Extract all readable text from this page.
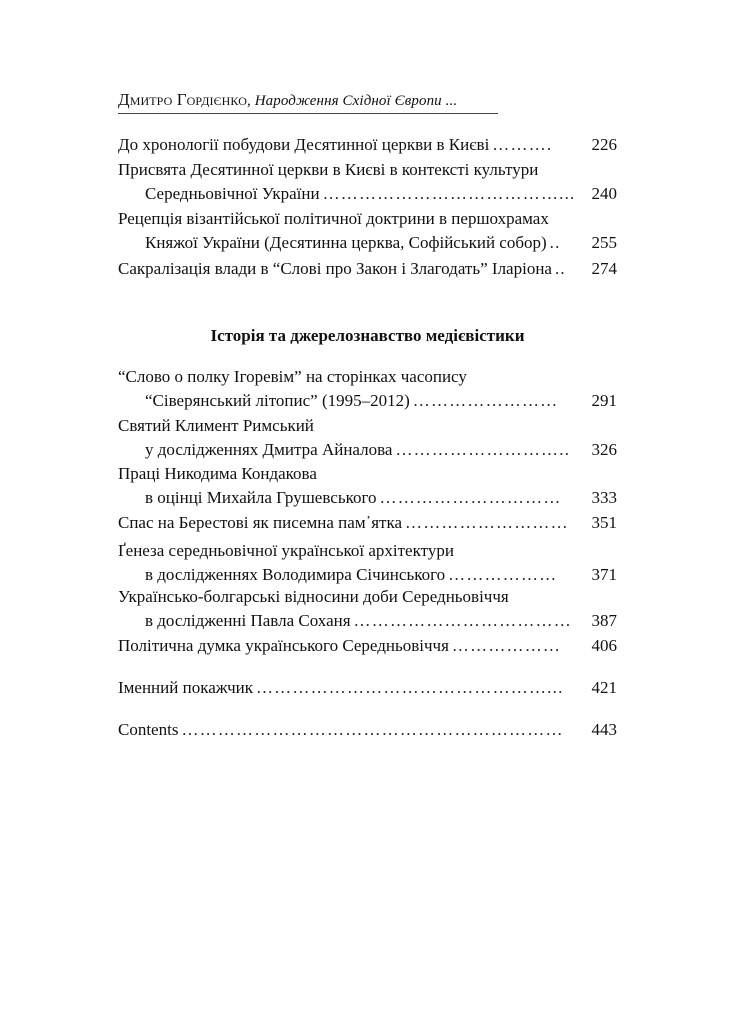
Дмитро Гордієнко, Народження Східної Європи ...
До хронології побудови Десятинної церкви в Києві ……….	226
Присвята Десятинної церкви в Києві в контексті культури
Середньовічної України …………………………………... 240
Рецепція візантійської політичної доктрини в першохрамах
Княжої України (Десятинна церква, Софійський собор) ..	255
Сакралізація влади в “Слові про Закон і Злагодать” Іларіона ..	274
Історія та джерелознавство медієвістики
“Слово о полку Ігоревім” на сторінках часопису
“Сіверянський літопис” (1995–2012) ……………………	291
Святий Климент Римський
у дослідженнях Дмитра Айналова ………………………..	326
Праці Никодима Кондакова
в оцінці Михайла Грушевського …………………………	333
Спас на Берестові як писемна пам᾿ятка ………………………	351
Ґенеза середньовічної української архітектури
в дослідженнях Володимира Січинського ………………	371
Українсько-болгарські відносини доби Середньовіччя
в дослідженні Павла Соханя ………………………………	387
Політична думка українського Середньовіччя ………………	406
Іменний покажчик …………………………………………...	421
Contents ………………………………………………………	443
